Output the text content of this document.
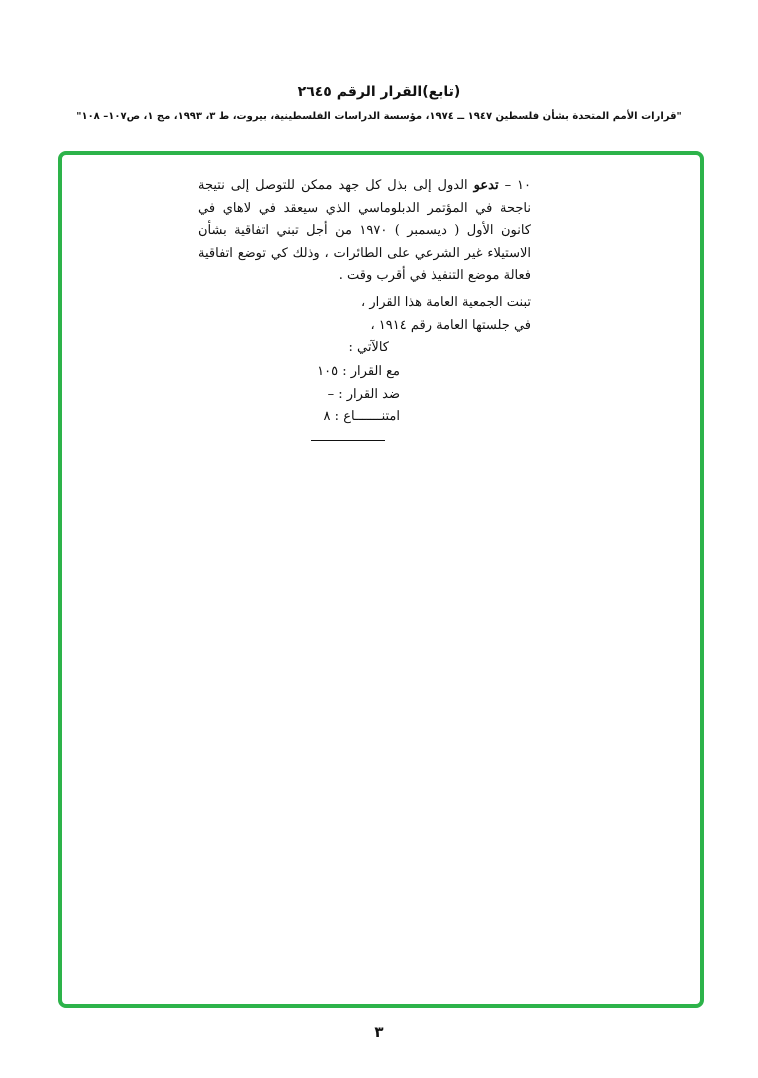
(تابع)القرار الرقم ٢٦٤٥
"قرارات الأمم المتحدة بشأن فلسطين ١٩٤٧ ــ ١٩٧٤، مؤسسة الدراسات الفلسطينية، بيروت، ط ٣، ١٩٩٣، مج ١، ص١٠٧– ١٠٨"
١٠ – تدعو الدول إلى بذل كل جهد ممكن للتوصل إلى نتيجة ناجحة في المؤتمر الدبلوماسي الذي سيعقد في لاهاي في كانون الأول ( ديسمبر ) ١٩٧٠ من أجل تبني اتفاقية بشأن الاستيلاء غير الشرعي على الطائرات ، وذلك كي توضع اتفاقية فعالة موضع التنفيذ في أقرب وقت .
تبنت الجمعية العامة هذا القرار ،
في جلستها العامة رقم ١٩١٤ ،
كالآتي :
مع القرار : ١٠٥
ضد القرار : –
امتنـــــــاع : ٨
٣
